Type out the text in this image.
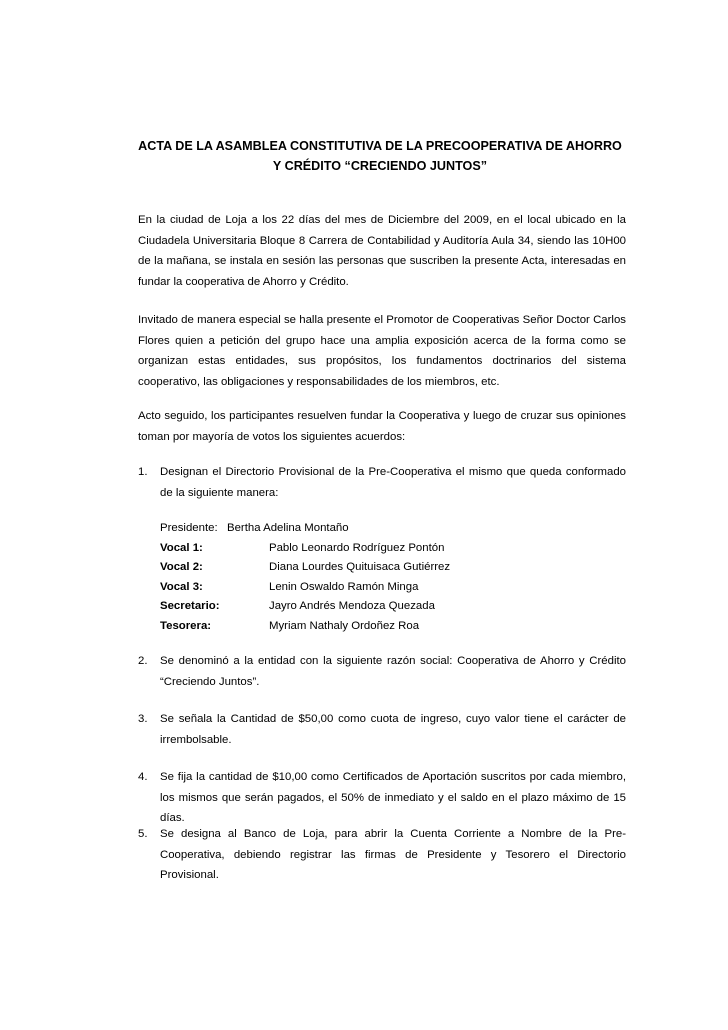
ACTA DE LA ASAMBLEA CONSTITUTIVA DE LA PRECOOPERATIVA DE AHORRO
Y CRÉDITO “CRECIENDO JUNTOS”

En la ciudad de Loja a los 22 días del mes de Diciembre del 2009, en el local ubicado en la Ciudadela Universitaria Bloque 8 Carrera de Contabilidad y Auditoría Aula 34, siendo las 10H00 de la mañana, se instala en sesión las personas que suscriben la presente Acta, interesadas en fundar la cooperativa de Ahorro y Crédito.

Invitado de manera especial se halla presente el Promotor de Cooperativas Señor Doctor Carlos Flores quien a petición del grupo hace una amplia exposición acerca de la forma como se organizan estas entidades, sus propósitos, los fundamentos doctrinarios del sistema cooperativo, las obligaciones y responsabilidades de los miembros, etc.

Acto seguido, los participantes resuelven fundar la Cooperativa y luego de cruzar sus opiniones toman por mayoría de votos los siguientes acuerdos:

1. Designan el Directorio Provisional de la Pre-Cooperativa el mismo que queda conformado de la siguiente manera:

Presidente: Bertha Adelina Montaño
Vocal 1:	Pablo Leonardo Rodríguez Pontón
Vocal 2:	Diana Lourdes Quituisaca Gutiérrez
Vocal 3:	Lenin Oswaldo Ramón Minga
Secretario:	Jayro Andrés Mendoza Quezada
Tesorera:	Myriam Nathaly Ordoñez Roa
2. Se denominó a la entidad con la siguiente razón social: Cooperativa de Ahorro y Crédito “Creciendo Juntos”.

3. Se señala la Cantidad de $50,00 como cuota de ingreso, cuyo valor tiene el carácter de irrembolsable.

4. Se fija la cantidad de $10,00 como Certificados de Aportación suscritos por cada miembro, los mismos que serán pagados, el 50% de inmediato y el saldo en el plazo máximo de 15 días.

5. Se designa al Banco de Loja, para abrir la Cuenta Corriente a Nombre de la Pre-Cooperativa, debiendo registrar las firmas de Presidente y Tesorero el Directorio Provisional.
